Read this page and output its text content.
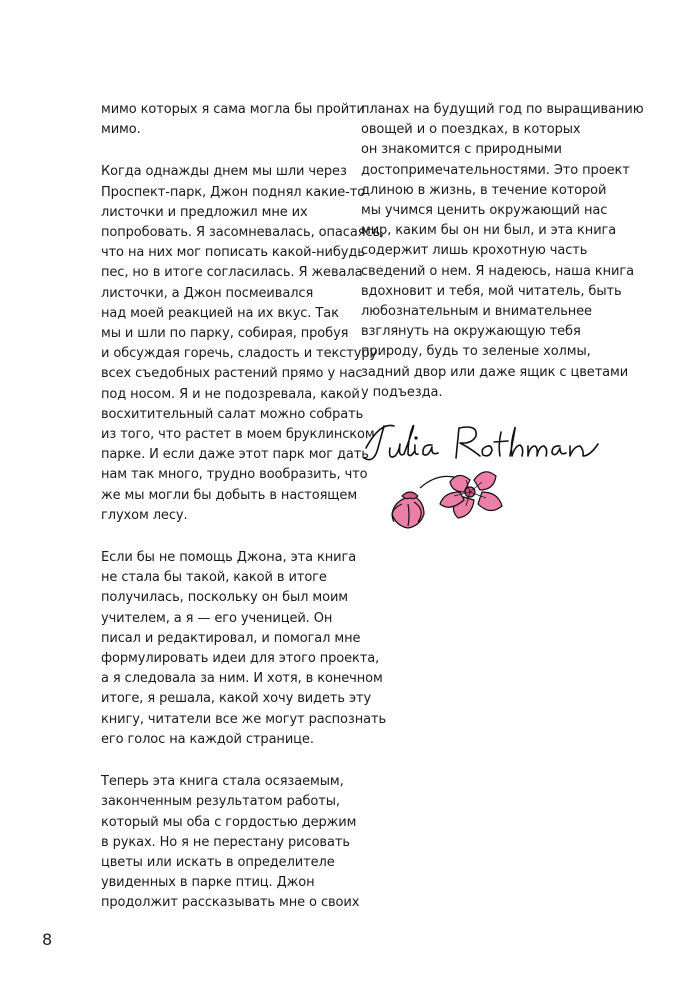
мимо которых я сама могла бы пройти
мимо.
Когда однажды днем мы шли через
Проспект-парк, Джон поднял какие-то
листочки и предложил мне их
попробовать. Я засомневалась, опасаясь,
что на них мог пописать какой-нибудь
пес, но в итоге согласилась. Я жевала
листочки, а Джон посмеивался
над моей реакцией на их вкус. Так
мы и шли по парку, собирая, пробуя
и обсуждая горечь, сладость и текстуру
всех съедобных растений прямо у нас
под носом. Я и не подозревала, какой
восхитительный салат можно собрать
из того, что растет в моем бруклинском
парке. И если даже этот парк мог дать
нам так много, трудно вообразить, что
же мы могли бы добыть в настоящем
глухом лесу.
Если бы не помощь Джона, эта книга
не стала бы такой, какой в итоге
получилась, поскольку он был моим
учителем, а я — его ученицей. Он
писал и редактировал, и помогал мне
формулировать идеи для этого проекта,
а я следовала за ним. И хотя, в конечном
итоге, я решала, какой хочу видеть эту
книгу, читатели все же могут распознать
его голос на каждой странице.
Теперь эта книга стала осязаемым,
законченным результатом работы,
который мы оба с гордостью держим
в руках. Но я не перестану рисовать
цветы или искать в определителе
увиденных в парке птиц. Джон
продолжит рассказывать мне о своих
планах на будущий год по выращиванию
овощей и о поездках, в которых
он знакомится с природными
достопримечательностями. Это проект
длиною в жизнь, в течение которой
мы учимся ценить окружающий нас
мир, каким бы он ни был, и эта книга
содержит лишь крохотную часть
сведений о нем. Я надеюсь, наша книга
вдохновит и тебя, мой читатель, быть
любознательным и внимательнее
взглянуть на окружающую тебя
природу, будь то зеленые холмы,
задний двор или даже ящик с цветами
у подъезда.
8
